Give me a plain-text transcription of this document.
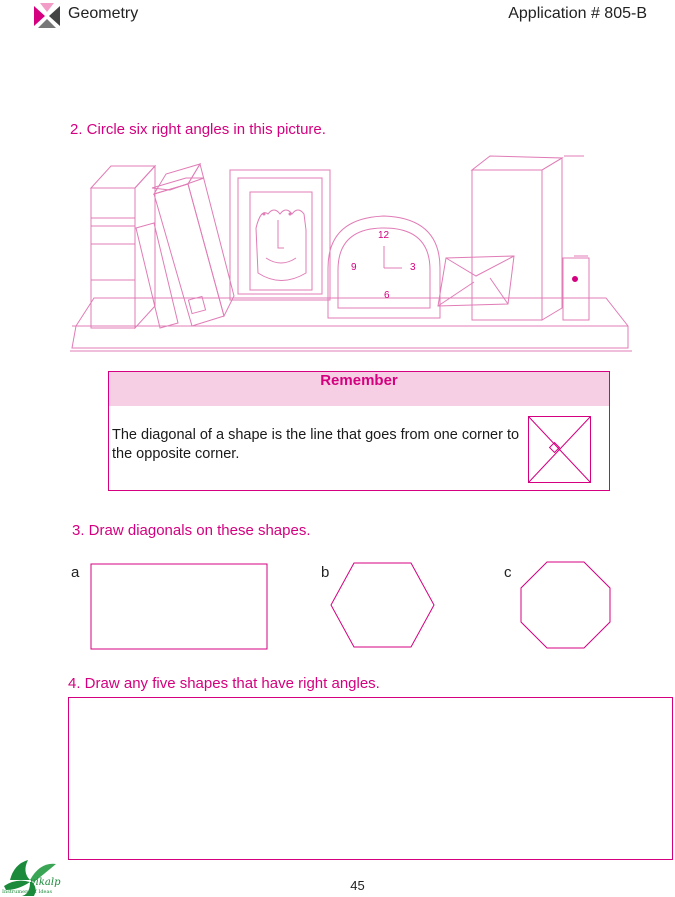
Geometry	Application # 805-B
2. Circle six right angles in this picture.
12
3
6
9
Remember
The diagonal of a shape is the line that goes from one corner to the opposite corner.
3. Draw diagonals on these shapes.
a	b	c
4. Draw any five shapes that have right angles.
vikalp
Instrument of Ideas	45
